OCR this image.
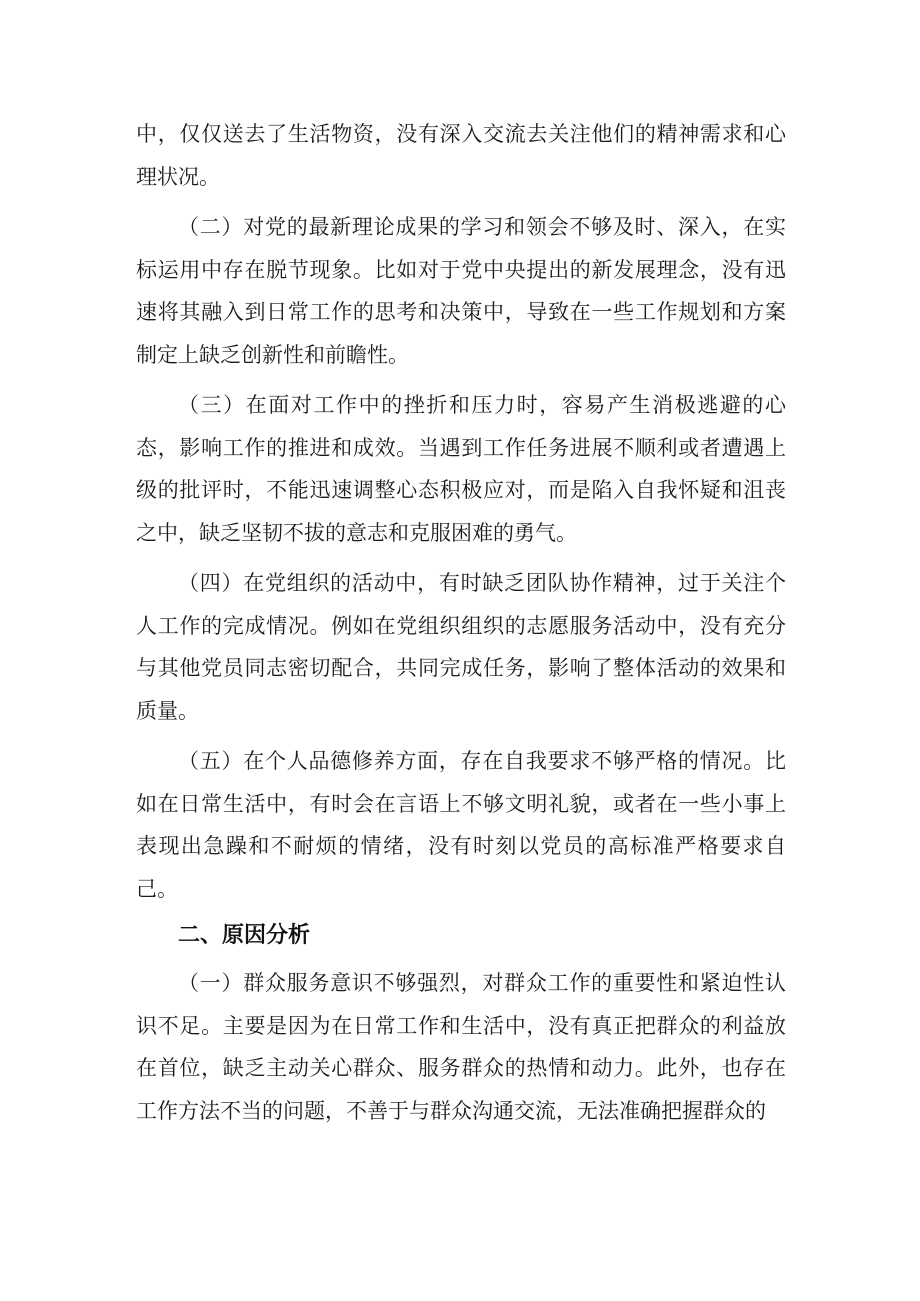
中，仅仅送去了生活物资，没有深入交流去关注他们的精神需求和心理状况。

（二）对党的最新理论成果的学习和领会不够及时、深入，在实标运用中存在脱节现象。比如对于党中央提出的新发展理念，没有迅速将其融入到日常工作的思考和决策中，导致在一些工作规划和方案制定上缺乏创新性和前瞻性。

（三）在面对工作中的挫折和压力时，容易产生消极逃避的心态，影响工作的推进和成效。当遇到工作任务进展不顺利或者遭遇上级的批评时，不能迅速调整心态积极应对，而是陷入自我怀疑和沮丧之中，缺乏坚韧不拔的意志和克服困难的勇气。

（四）在党组织的活动中，有时缺乏团队协作精神，过于关注个人工作的完成情况。例如在党组织组织的志愿服务活动中，没有充分与其他党员同志密切配合，共同完成任务，影响了整体活动的效果和质量。

（五）在个人品德修养方面，存在自我要求不够严格的情况。比如在日常生活中，有时会在言语上不够文明礼貌，或者在一些小事上表现出急躁和不耐烦的情绪，没有时刻以党员的高标准严格要求自己。

二、原因分析

（一）群众服务意识不够强烈，对群众工作的重要性和紧迫性认识不足。主要是因为在日常工作和生活中，没有真正把群众的利益放在首位，缺乏主动关心群众、服务群众的热情和动力。此外，也存在工作方法不当的问题，不善于与群众沟通交流，无法准确把握群众的
